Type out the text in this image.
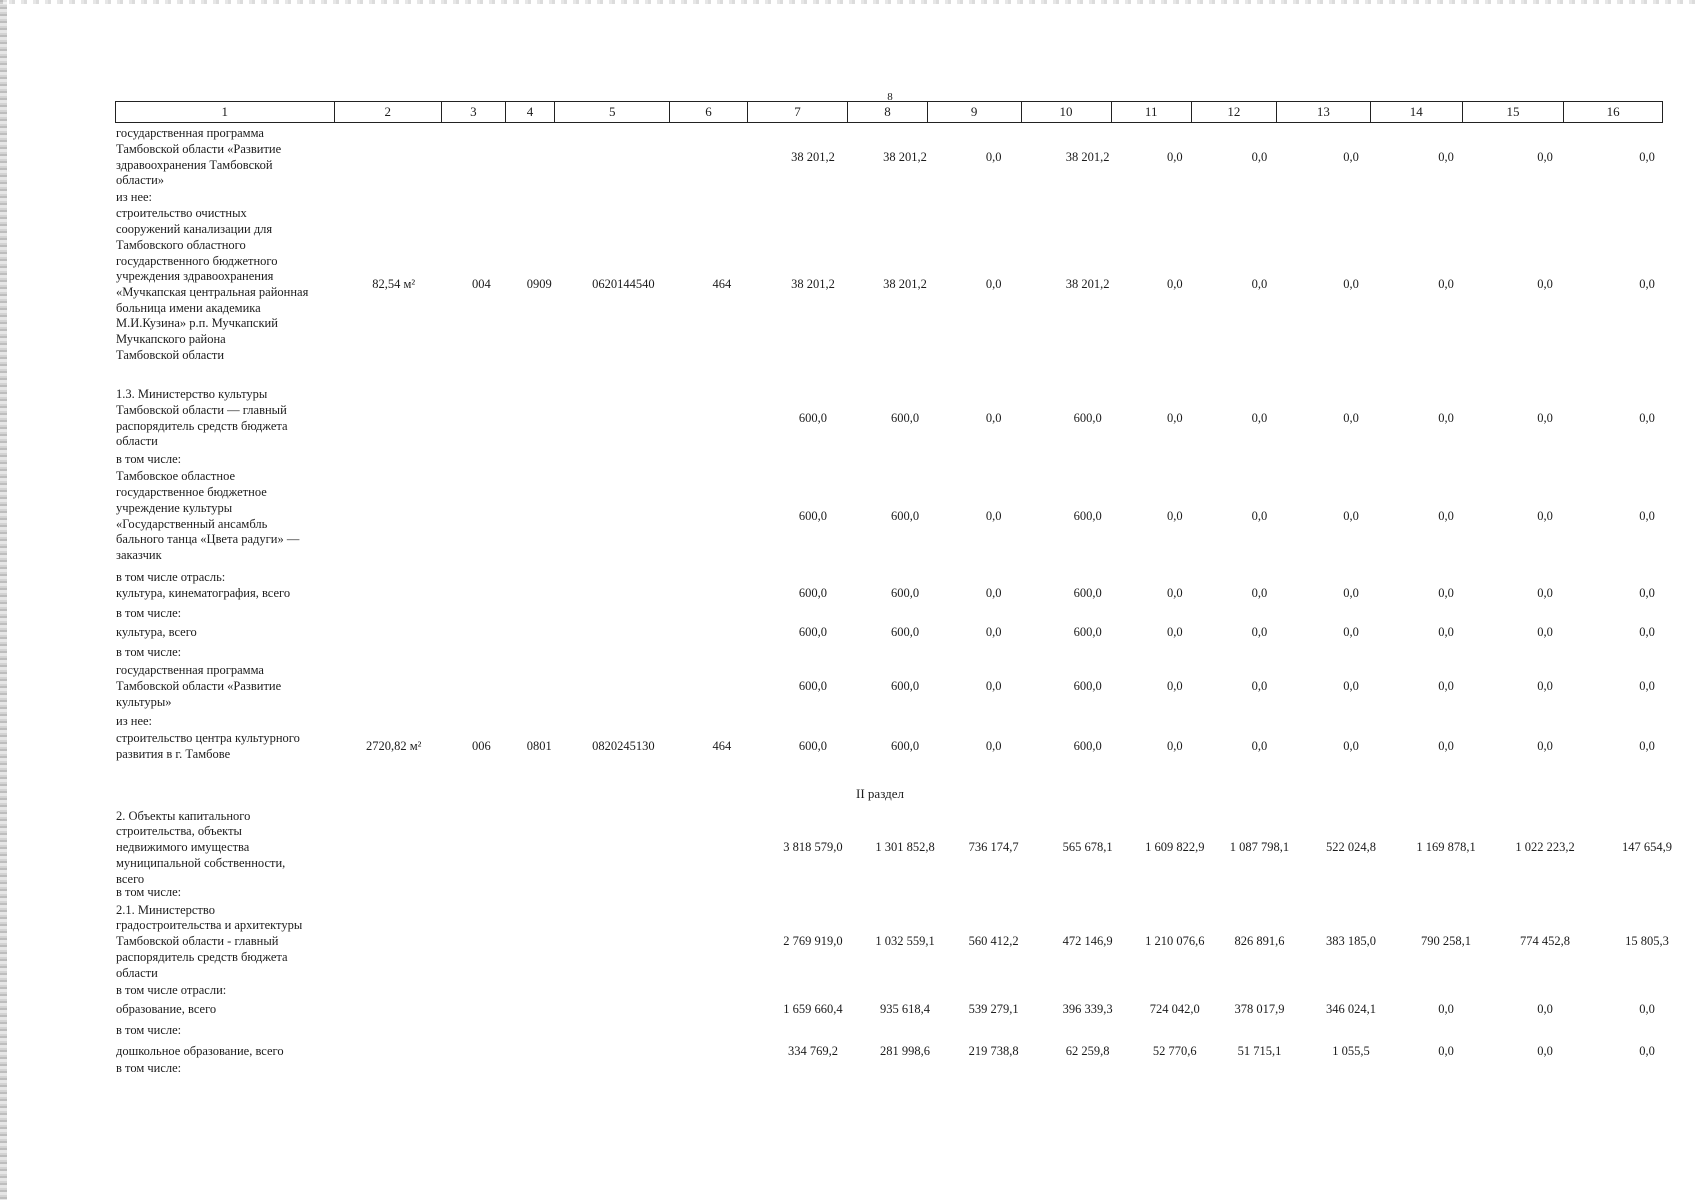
8
1	2	3	4	5	6	7	8	9	10	11	12	13	14	15	16
II раздел
государственная программа
Тамбовской области «Развитие
здравоохранения Тамбовской
области»
38 201,2	38 201,2	0,0	38 201,2	0,0	0,0	0,0	0,0	0,0	0,0
из нее:
строительство очистных
сооружений канализации для
Тамбовского областного
государственного бюджетного
учреждения здравоохранения
«Мучкапская центральная районная
больница имени академика
М.И.Кузина» р.п. Мучкапский
Мучкапского района
Тамбовской области
82,54 м²	004	0909	0620144540	464	38 201,2	38 201,2	0,0	38 201,2	0,0	0,0	0,0	0,0	0,0	0,0
1.3. Министерство культуры
Тамбовской области — главный
распорядитель средств бюджета
области
600,0	600,0	0,0	600,0	0,0	0,0	0,0	0,0	0,0	0,0
в том числе:
Тамбовское областное
государственное бюджетное
учреждение культуры
«Государственный ансамбль
бального танца «Цвета радуги» —
заказчик
600,0	600,0	0,0	600,0	0,0	0,0	0,0	0,0	0,0	0,0
в том числе отрасль:
культура, кинематография, всего	600,0	600,0	0,0	600,0	0,0	0,0	0,0	0,0	0,0	0,0
в том числе:
культура, всего	600,0	600,0	0,0	600,0	0,0	0,0	0,0	0,0	0,0	0,0
в том числе:
государственная программа
Тамбовской области «Развитие
культуры»
600,0	600,0	0,0	600,0	0,0	0,0	0,0	0,0	0,0	0,0
из нее:
строительство центра культурного
развития в г. Тамбове
2720,82 м²	006	0801	0820245130	464	600,0	600,0	0,0	600,0	0,0	0,0	0,0	0,0	0,0	0,0
2. Объекты капитального
строительства, объекты
недвижимого имущества
муниципальной собственности,
всего
3 818 579,0	1 301 852,8	736 174,7	565 678,1	1 609 822,9	1 087 798,1	522 024,8	1 169 878,1	1 022 223,2	147 654,9
в том числе:
2.1. Министерство
градостроительства и архитектуры
Тамбовской области - главный
распорядитель средств бюджета
области
2 769 919,0	1 032 559,1	560 412,2	472 146,9	1 210 076,6	826 891,6	383 185,0	790 258,1	774 452,8	15 805,3
в том числе отрасли:
образование, всего	1 659 660,4	935 618,4	539 279,1	396 339,3	724 042,0	378 017,9	346 024,1	0,0	0,0	0,0
в том числе:
дошкольное образование, всего	334 769,2	281 998,6	219 738,8	62 259,8	52 770,6	51 715,1	1 055,5	0,0	0,0	0,0
в том числе:
